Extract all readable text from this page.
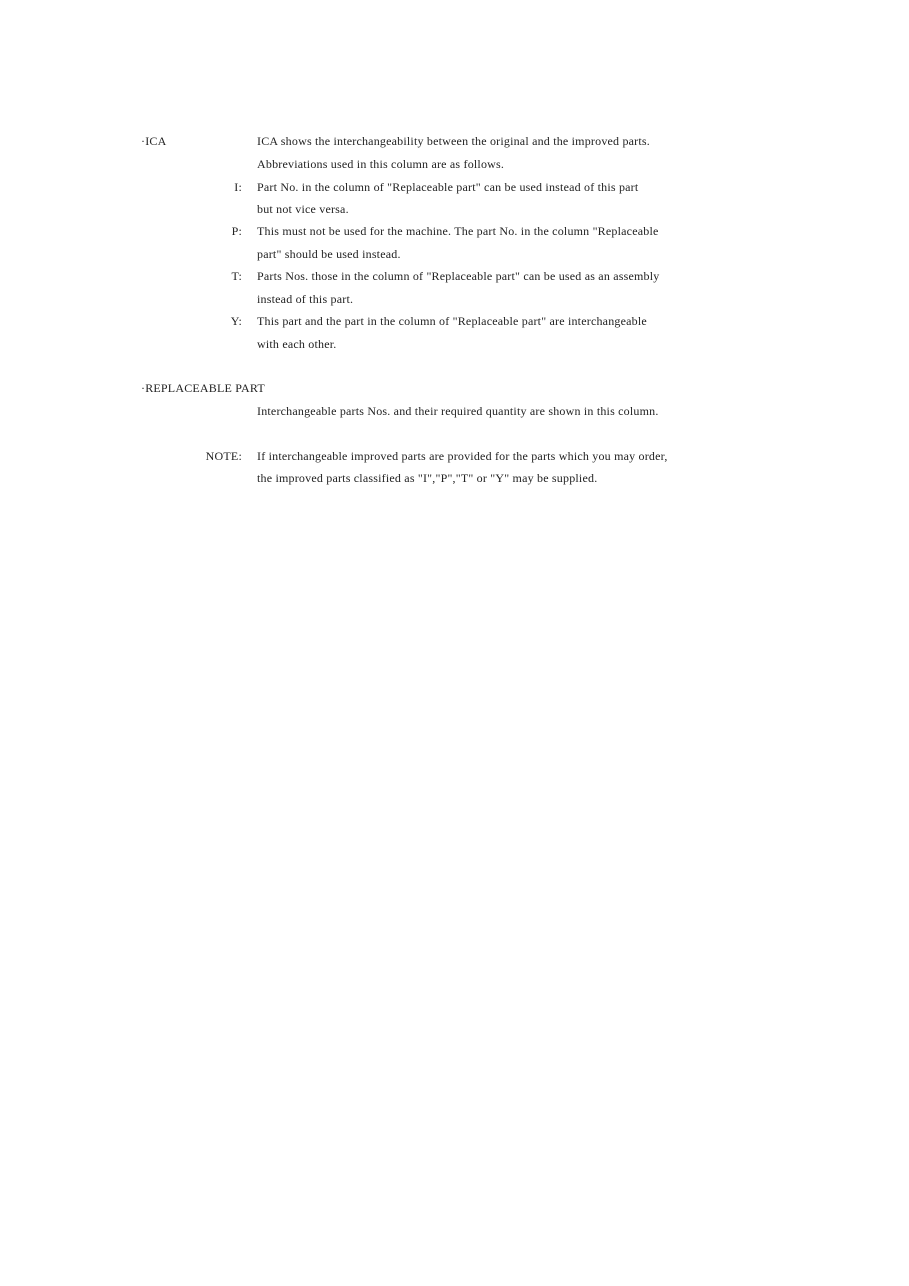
·ICA	ICA shows the interchangeability between the original and the improved parts.
Abbreviations used in this column are as follows.
I: Part No. in the column of "Replaceable part" can be used instead of this part
but not vice versa.
P: This must not be used for the machine. The part No. in the column "Replaceable
part" should be used instead.
T: Parts Nos. those in the column of "Replaceable part" can be used as an assembly
instead of this part.
Y: This part and the part in the column of "Replaceable part" are interchangeable
with each other.
·REPLACEABLE PART
Interchangeable parts Nos. and their required quantity are shown in this column.
NOTE: If interchangeable improved parts are provided for the parts which you may order,
the improved parts classified as "I","P","T" or "Y" may be supplied.
